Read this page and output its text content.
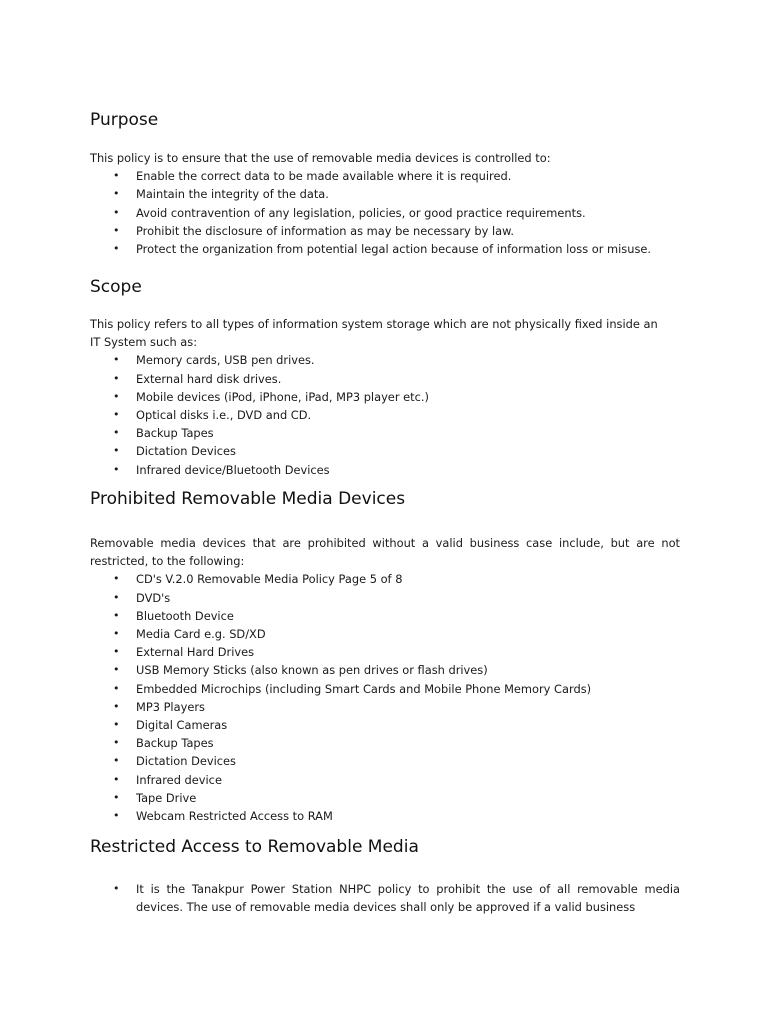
Purpose

This policy is to ensure that the use of removable media devices is controlled to:

• Enable the correct data to be made available where it is required.
• Maintain the integrity of the data.
• Avoid contravention of any legislation, policies, or good practice requirements.
• Prohibit the disclosure of information as may be necessary by law.
• Protect the organization from potential legal action because of information loss or misuse.
Scope

This policy refers to all types of information system storage which are not physically fixed inside an IT System such as:

• Memory cards, USB pen drives.
• External hard disk drives.
• Mobile devices (iPod, iPhone, iPad, MP3 player etc.)
• Optical disks i.e., DVD and CD.
• Backup Tapes
• Dictation Devices
• Infrared device/Bluetooth Devices
Prohibited Removable Media Devices

Removable media devices that are prohibited without a valid business case include, but are not restricted, to the following:

• CD's V.2.0 Removable Media Policy Page 5 of 8
• DVD's
• Bluetooth Device
• Media Card e.g. SD/XD
• External Hard Drives
• USB Memory Sticks (also known as pen drives or flash drives)
• Embedded Microchips (including Smart Cards and Mobile Phone Memory Cards)
• MP3 Players
• Digital Cameras
• Backup Tapes
• Dictation Devices
• Infrared device
• Tape Drive
• Webcam Restricted Access to RAM
Restricted Access to Removable Media
• It is the Tanakpur Power Station NHPC policy to prohibit the use of all removable media devices. The use of removable media devices shall only be approved if a valid business
